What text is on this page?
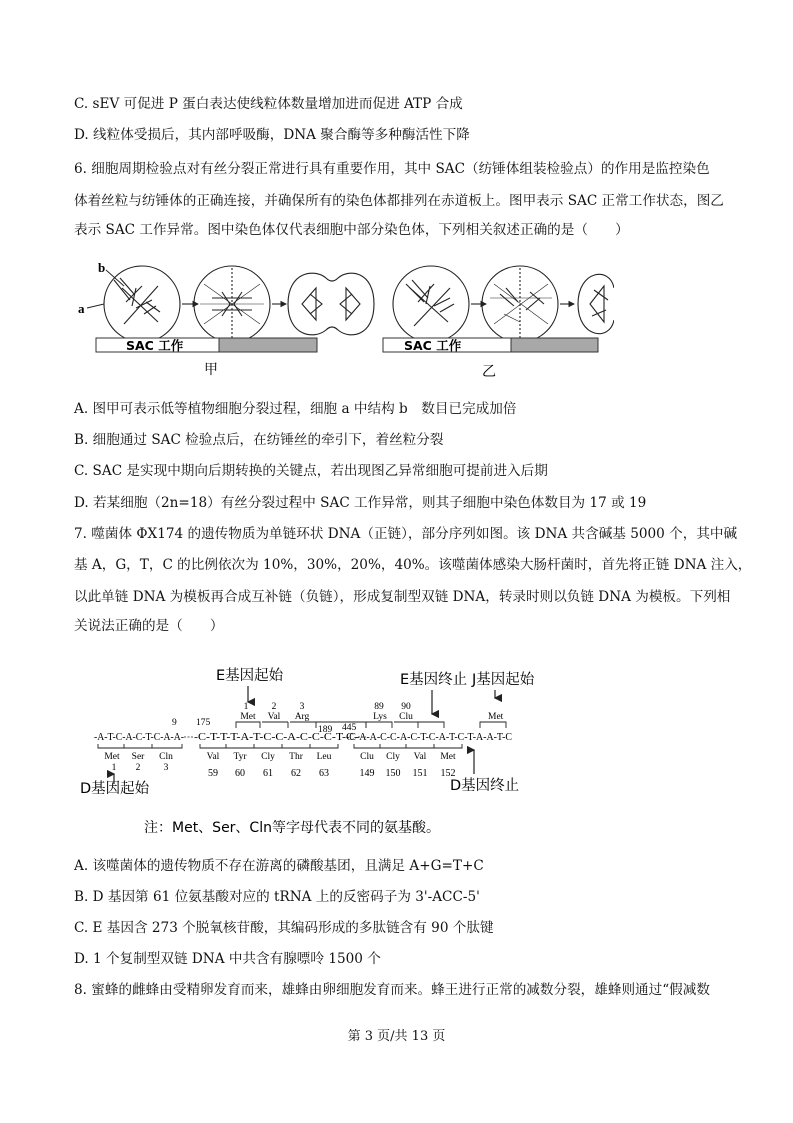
C. sEV 可促进 P 蛋白表达使线粒体数量增加进而促进 ATP 合成
D. 线粒体受损后，其内部呼吸酶，DNA 聚合酶等多种酶活性下降
6. 细胞周期检验点对有丝分裂正常进行具有重要作用，其中 SAC（纺锤体组装检验点）的作用是监控染色
体着丝粒与纺锤体的正确连接，并确保所有的染色体都排列在赤道板上。图甲表示 SAC 正常工作状态，图乙
表示 SAC 工作异常。图中染色体仅代表细胞中部分染色体，下列相关叙述正确的是（　　）
b
a
SAC 工作	SAC 工作
甲	乙
A. 图甲可表示低等植物细胞分裂过程，细胞 a 中结构 b　数目已完成加倍
B. 细胞通过 SAC 检验点后，在纺锤丝的牵引下，着丝粒分裂
C. SAC 是实现中期向后期转换的关键点，若出现图乙异常细胞可提前进入后期
D. 若某细胞（2n=18）有丝分裂过程中 SAC 工作异常，则其子细胞中染色体数目为 17 或 19
7. 噬菌体 ΦX174 的遗传物质为单链环状 DNA（正链），部分序列如图。该 DNA 共含碱基 5000 个，其中碱
基 A，G，T，C 的比例依次为 10%，30%，20%，40%。该噬菌体感染大肠杆菌时，首先将正链 DNA 注入，
以此单链 DNA 为模板再合成互补链（负链），形成复制型双链 DNA，转录时则以负链 DNA 为模板。下列相
关说法正确的是（　　）
E基因起始	E基因终止 J基因起始
1 2 3
Met Val Arg
189
89 90
Lys Clu	Met
9 175	445
-A-T-C-A-C-T-C-A-A- -C-T-T-T-A-T-C-C-A-C-C-C-T-C-
-C-A-A-C-C-A-C-T-C-A-T-C-T-A-A-T-C
Met Ser Cln
1 2 3
Val Tyr Cly Thr Leu
59 60 61 62 63
Clu Cly Val Met
149 150 151 152
D基因起始	D基因终止
注：Met、Ser、Cln等字母代表不同的氨基酸。
A. 该噬菌体的遗传物质不存在游离的磷酸基团，且满足 A+G=T+C
B. D 基因第 61 位氨基酸对应的 tRNA 上的反密码子为 3'-ACC-5'
C. E 基因含 273 个脱氧核苷酸，其编码形成的多肽链含有 90 个肽键
D. 1 个复制型双链 DNA 中共含有腺嘌呤 1500 个
8. 蜜蜂的雌蜂由受精卵发育而来，雄蜂由卵细胞发育而来。蜂王进行正常的减数分裂，雄蜂则通过“假减数
第 3 页/共 13 页
